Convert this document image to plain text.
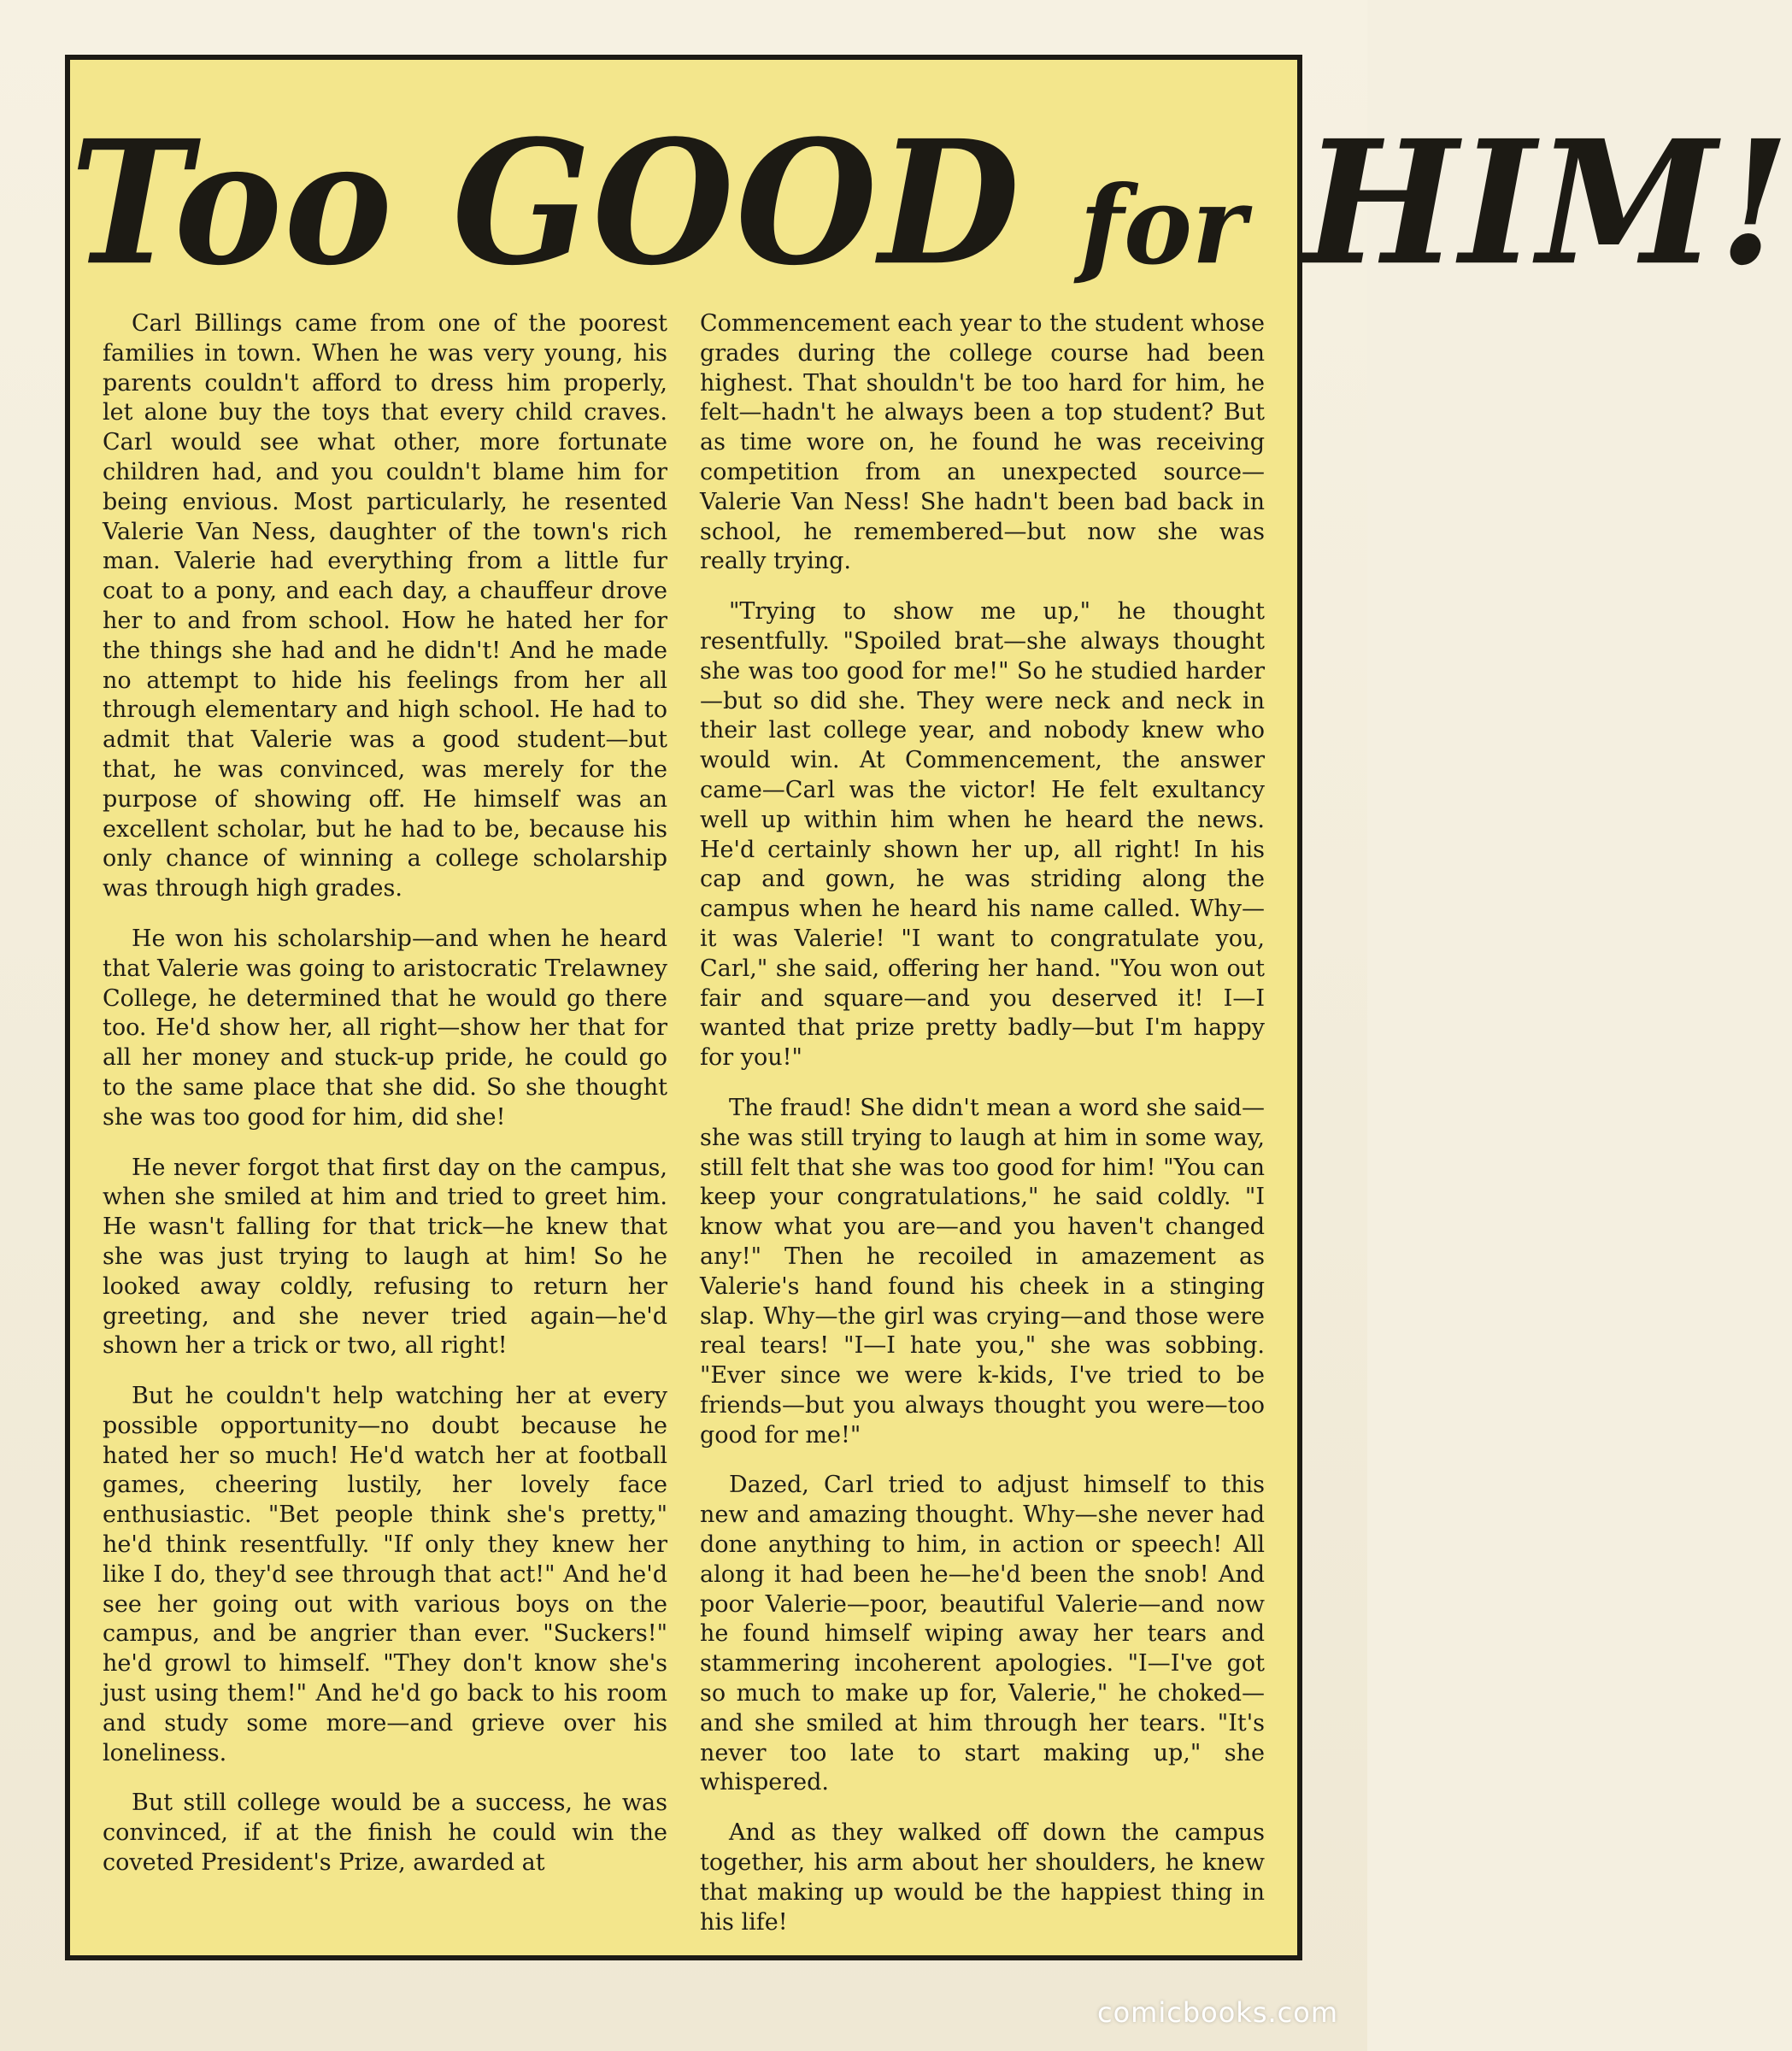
Too GOOD for HIM!

Carl Billings came from one of the poorest families in town. When he was very young, his parents couldn't afford to dress him properly, let alone buy the toys that every child craves. Carl would see what other, more fortunate children had, and you couldn't blame him for being envious. Most particularly, he resented Valerie Van Ness, daughter of the town's rich man. Valerie had everything from a little fur coat to a pony, and each day, a chauffeur drove her to and from school. How he hated her for the things she had and he didn't! And he made no attempt to hide his feelings from her all through elementary and high school. He had to admit that Valerie was a good student—but that, he was convinced, was merely for the purpose of showing off. He himself was an excellent scholar, but he had to be, because his only chance of winning a college scholarship was through high grades.

He won his scholarship—and when he heard that Valerie was going to aristocratic Trelawney College, he determined that he would go there too. He'd show her, all right—show her that for all her money and stuck-up pride, he could go to the same place that she did. So she thought she was too good for him, did she!

He never forgot that first day on the campus, when she smiled at him and tried to greet him. He wasn't falling for that trick—he knew that she was just trying to laugh at him! So he looked away coldly, refusing to return her greeting, and she never tried again—he'd shown her a trick or two, all right!

But he couldn't help watching her at every possible opportunity—no doubt because he hated her so much! He'd watch her at football games, cheering lustily, her lovely face enthusiastic. "Bet people think she's pretty," he'd think resentfully. "If only they knew her like I do, they'd see through that act!" And he'd see her going out with various boys on the campus, and be angrier than ever. "Suckers!" he'd growl to himself. "They don't know she's just using them!" And he'd go back to his room and study some more—and grieve over his loneliness.

But still college would be a success, he was convinced, if at the finish he could win the coveted President's Prize, awarded at

Commencement each year to the student whose grades during the college course had been highest. That shouldn't be too hard for him, he felt—hadn't he always been a top student? But as time wore on, he found he was receiving competition from an unexpected source—Valerie Van Ness! She hadn't been bad back in school, he remembered—but now she was really trying.

"Trying to show me up," he thought resentfully. "Spoiled brat—she always thought she was too good for me!" So he studied harder—but so did she. They were neck and neck in their last college year, and nobody knew who would win. At Commencement, the answer came—Carl was the victor! He felt exultancy well up within him when he heard the news. He'd certainly shown her up, all right! In his cap and gown, he was striding along the campus when he heard his name called. Why—it was Valerie! "I want to congratulate you, Carl," she said, offering her hand. "You won out fair and square—and you deserved it! I—I wanted that prize pretty badly—but I'm happy for you!"

The fraud! She didn't mean a word she said—she was still trying to laugh at him in some way, still felt that she was too good for him! "You can keep your congratulations," he said coldly. "I know what you are—and you haven't changed any!" Then he recoiled in amazement as Valerie's hand found his cheek in a stinging slap. Why—the girl was crying—and those were real tears! "I—I hate you," she was sobbing. "Ever since we were k-kids, I've tried to be friends—but you always thought you were—too good for me!"

Dazed, Carl tried to adjust himself to this new and amazing thought. Why—she never had done anything to him, in action or speech! All along it had been he—he'd been the snob! And poor Valerie—poor, beautiful Valerie—and now he found himself wiping away her tears and stammering incoherent apologies. "I—I've got so much to make up for, Valerie," he choked—and she smiled at him through her tears. "It's never too late to start making up," she whispered.

And as they walked off down the campus together, his arm about her shoulders, he knew that making up would be the happiest thing in his life!

comicbooks.com
